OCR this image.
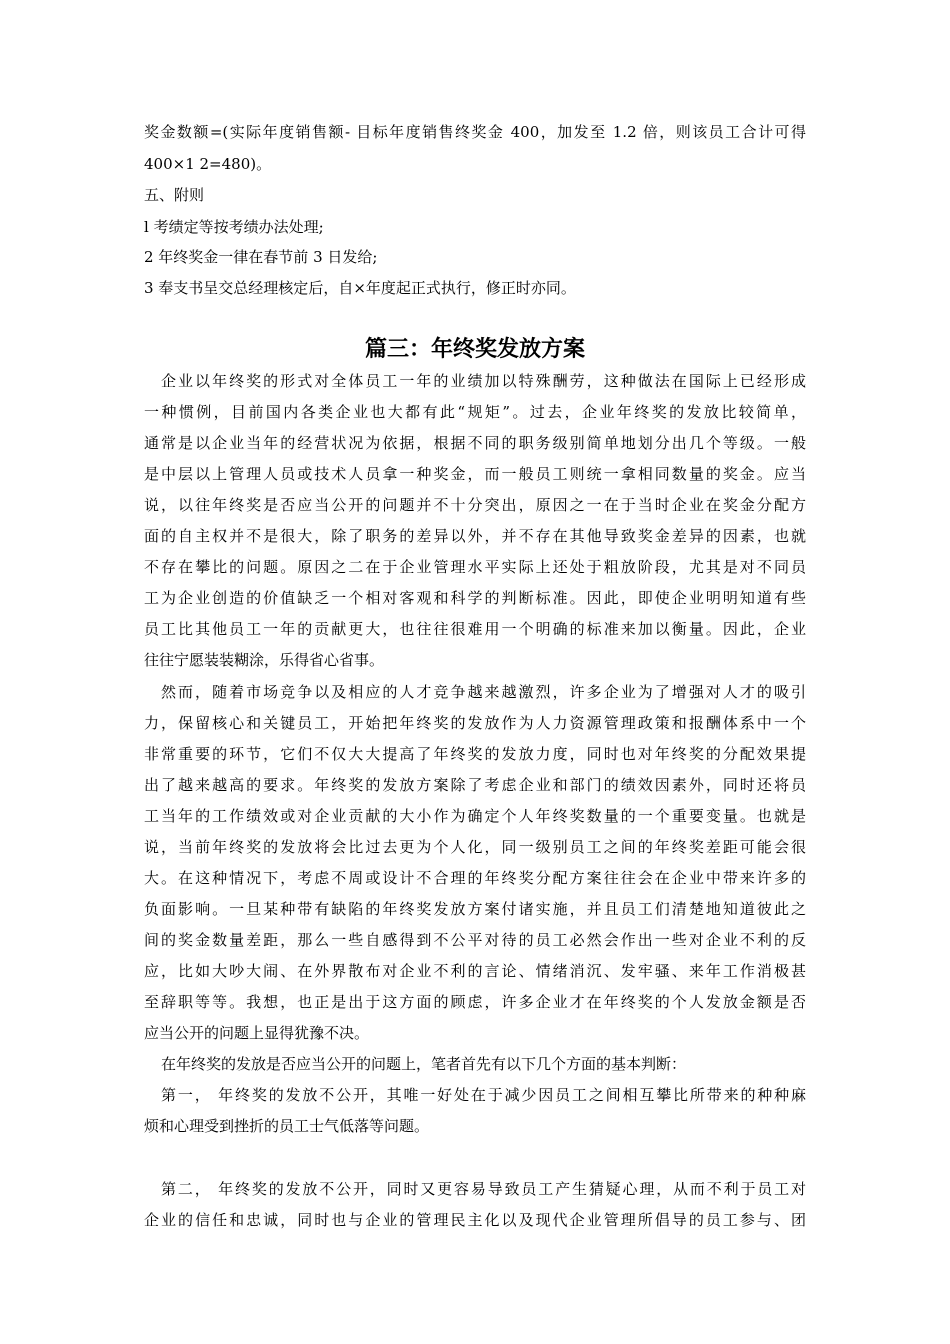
奖金数额=(实际年度销售额- 目标年度销售终奖金 400，加发至 1.2 倍，则该员工合计可得
400×1 2=480)。
五、附则
l 考绩定等按考绩办法处理;
2 年终奖金一律在春节前 3 日发给;
3 奉支书呈交总经理核定后，自×年度起正式执行，修正时亦同。
篇三：年终奖发放方案
企业以年终奖的形式对全体员工一年的业绩加以特殊酬劳，这种做法在国际上已经形成
一种惯例，目前国内各类企业也大都有此“规矩”。过去，企业年终奖的发放比较简单，
通常是以企业当年的经营状况为依据，根据不同的职务级别简单地划分出几个等级。一般
是中层以上管理人员或技术人员拿一种奖金，而一般员工则统一拿相同数量的奖金。应当
说，以往年终奖是否应当公开的问题并不十分突出，原因之一在于当时企业在奖金分配方
面的自主权并不是很大，除了职务的差异以外，并不存在其他导致奖金差异的因素，也就
不存在攀比的问题。原因之二在于企业管理水平实际上还处于粗放阶段，尤其是对不同员
工为企业创造的价值缺乏一个相对客观和科学的判断标准。因此，即使企业明明知道有些
员工比其他员工一年的贡献更大，也往往很难用一个明确的标准来加以衡量。因此，企业
往往宁愿装装糊涂，乐得省心省事。
然而，随着市场竞争以及相应的人才竞争越来越激烈，许多企业为了增强对人才的吸引
力，保留核心和关键员工，开始把年终奖的发放作为人力资源管理政策和报酬体系中一个
非常重要的环节，它们不仅大大提高了年终奖的发放力度，同时也对年终奖的分配效果提
出了越来越高的要求。年终奖的发放方案除了考虑企业和部门的绩效因素外，同时还将员
工当年的工作绩效或对企业贡献的大小作为确定个人年终奖数量的一个重要变量。也就是
说，当前年终奖的发放将会比过去更为个人化，同一级别员工之间的年终奖差距可能会很
大。在这种情况下，考虑不周或设计不合理的年终奖分配方案往往会在企业中带来许多的
负面影响。一旦某种带有缺陷的年终奖发放方案付诸实施，并且员工们清楚地知道彼此之
间的奖金数量差距，那么一些自感得到不公平对待的员工必然会作出一些对企业不利的反
应，比如大吵大闹、在外界散布对企业不利的言论、情绪消沉、发牢骚、来年工作消极甚
至辞职等等。我想，也正是出于这方面的顾虑，许多企业才在年终奖的个人发放金额是否
应当公开的问题上显得犹豫不决。
在年终奖的发放是否应当公开的问题上，笔者首先有以下几个方面的基本判断：
第一， 年终奖的发放不公开，其唯一好处在于减少因员工之间相互攀比所带来的种种麻
烦和心理受到挫折的员工士气低落等问题。
第二， 年终奖的发放不公开，同时又更容易导致员工产生猜疑心理，从而不利于员工对
企业的信任和忠诚，同时也与企业的管理民主化以及现代企业管理所倡导的员工参与、团
